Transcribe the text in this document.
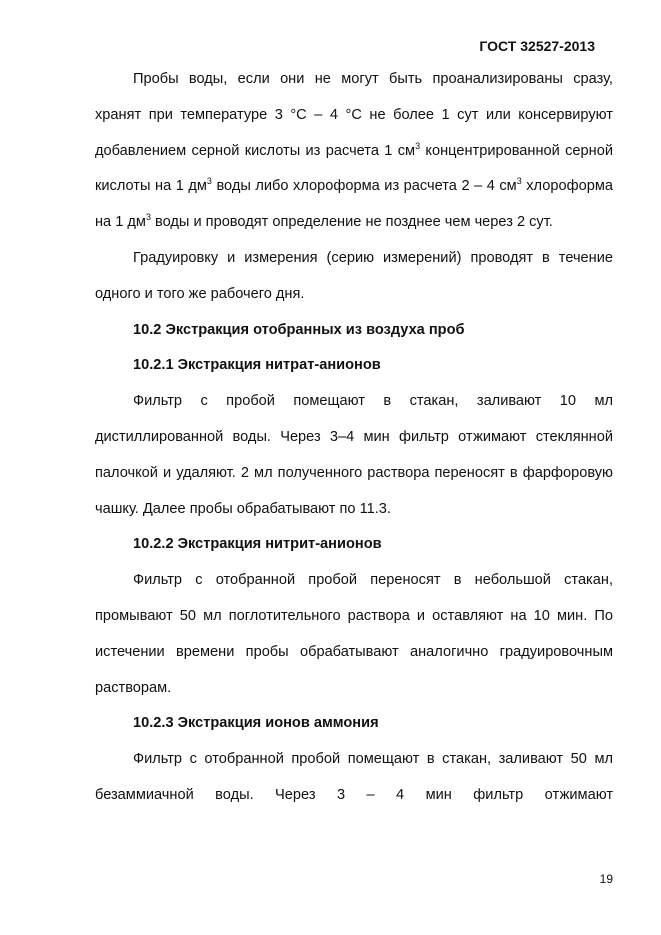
ГОСТ 32527-2013

Пробы воды, если они не могут быть проанализированы сразу, хранят при температуре 3 °С – 4 °С не более 1 сут или консервируют добавлением серной кислоты из расчета 1 $см^3$ концентрированной серной кислоты на 1 $дм^3$ воды либо хлороформа из расчета 2 – 4 $см^3$ хлороформа на 1 $дм^3$ воды и проводят определение не позднее чем через 2 сут.

Градуировку и измерения (серию измерений) проводят в течение одного и того же рабочего дня.

10.2 Экстракция отобранных из воздуха проб

10.2.1 Экстракция нитрат-анионов

Фильтр с пробой помещают в стакан, заливают 10 мл дистиллированной воды. Через 3–4 мин фильтр отжимают стеклянной палочкой и удаляют. 2 мл полученного раствора переносят в фарфоровую чашку. Далее пробы обрабатывают по 11.3.

10.2.2 Экстракция нитрит-анионов

Фильтр с отобранной пробой переносят в небольшой стакан, промывают 50 мл поглотительного раствора и оставляют на 10 мин. По истечении времени пробы обрабатывают аналогично градуировочным растворам.

10.2.3 Экстракция ионов аммония

Фильтр с отобранной пробой помещают в стакан, заливают 50 мл безаммиачной воды. Через 3 – 4 мин фильтр отжимают

19
